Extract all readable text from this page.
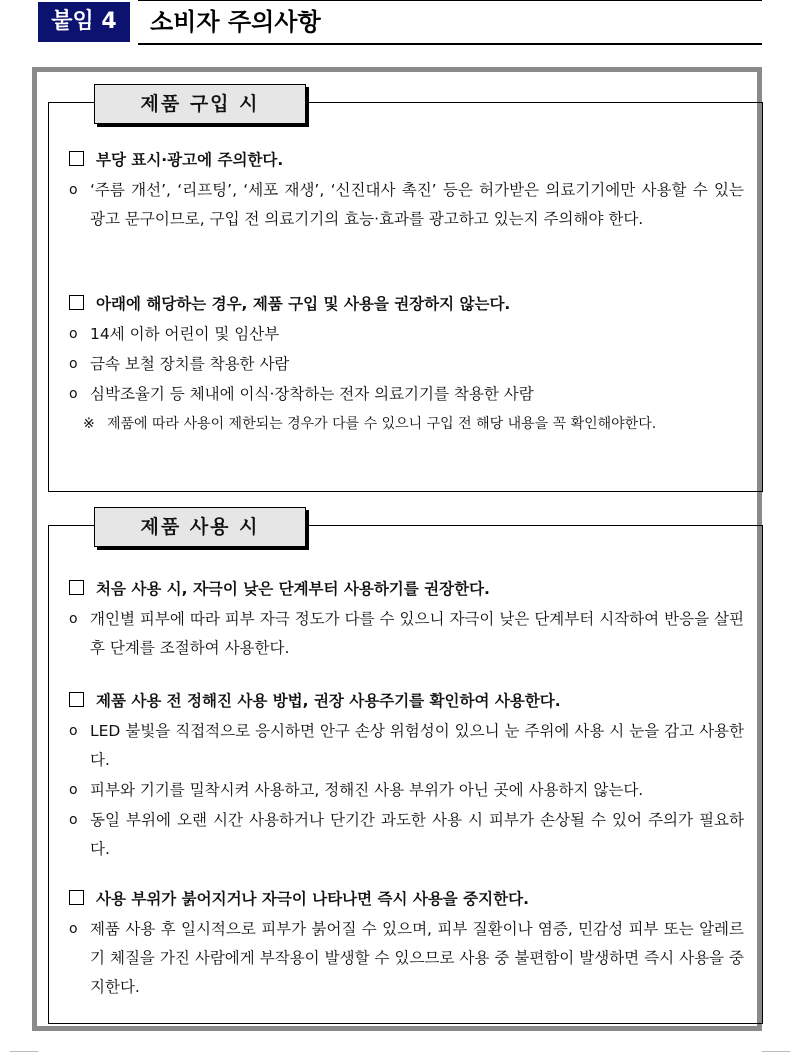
붙임 4	소비자 주의사항
제품 구입 시
부당 표시·광고에 주의한다.
o ‘주름 개선’, ‘리프팅’, ‘세포 재생’, ‘신진대사 촉진’ 등은 허가받은 의료기기에만 사용할 수 있는 광고 문구이므로, 구입 전 의료기기의 효능·효과를 광고하고 있는지 주의해야 한다.
아래에 해당하는 경우, 제품 구입 및 사용을 권장하지 않는다.
o 14세 이하 어린이 및 임산부
o 금속 보철 장치를 착용한 사람
o 심박조율기 등 체내에 이식·장착하는 전자 의료기기를 착용한 사람
※ 제품에 따라 사용이 제한되는 경우가 다를 수 있으니 구입 전 해당 내용을 꼭 확인해야한다.
제품 사용 시
처음 사용 시, 자극이 낮은 단계부터 사용하기를 권장한다.
o 개인별 피부에 따라 피부 자극 정도가 다를 수 있으니 자극이 낮은 단계부터 시작하여 반응을 살핀 후 단계를 조절하여 사용한다.
제품 사용 전 정해진 사용 방법, 권장 사용주기를 확인하여 사용한다.
o LED 불빛을 직접적으로 응시하면 안구 손상 위험성이 있으니 눈 주위에 사용 시 눈을 감고 사용한다.
o 피부와 기기를 밀착시켜 사용하고, 정해진 사용 부위가 아닌 곳에 사용하지 않는다.
o 동일 부위에 오랜 시간 사용하거나 단기간 과도한 사용 시 피부가 손상될 수 있어 주의가 필요하다.
사용 부위가 붉어지거나 자극이 나타나면 즉시 사용을 중지한다.
o 제품 사용 후 일시적으로 피부가 붉어질 수 있으며, 피부 질환이나 염증, 민감성 피부 또는 알레르기 체질을 가진 사람에게 부작용이 발생할 수 있으므로 사용 중 불편함이 발생하면 즉시 사용을 중지한다.
